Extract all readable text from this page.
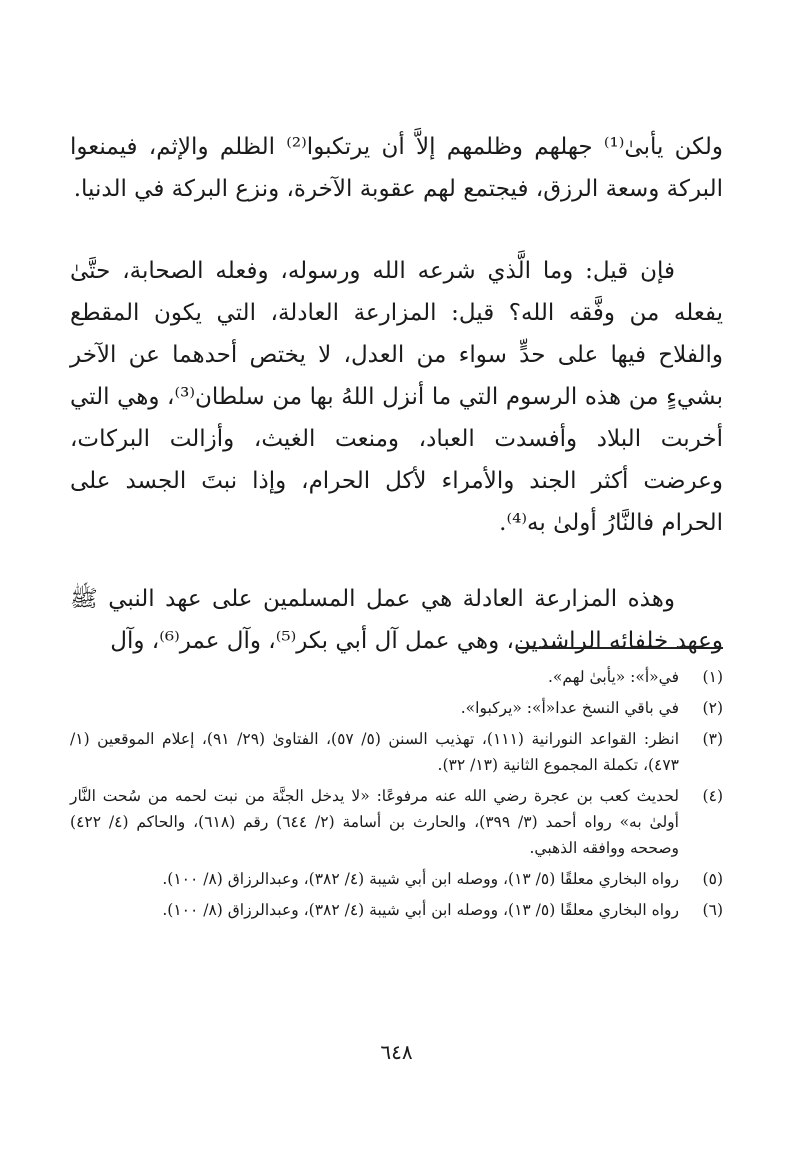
ولكن يأبىٰ⁽¹⁾ جهلهم وظلمهم إلاَّ أن يرتكبوا⁽²⁾ الظلم والإثم، فيمنعوا البركة وسعة الرزق، فيجتمع لهم عقوبة الآخرة، ونزع البركة في الدنيا.

فإن قيل: وما الَّذي شرعه الله ورسوله، وفعله الصحابة، حتَّىٰ يفعله من وفَّقه الله؟ قيل: المزارعة العادلة، التي يكون المقطع والفلاح فيها على حدٍّ سواء من العدل، لا يختص أحدهما عن الآخر بشيءٍ من هذه الرسوم التي ما أنزل اللهُ بها من سلطان⁽³⁾، وهي التي أخربت البلاد وأفسدت العباد، ومنعت الغيث، وأزالت البركات، وعرضت أكثر الجند والأمراء لأكل الحرام، وإذا نبتَ الجسد على الحرام فالنَّارُ أولىٰ به⁽⁴⁾.

وهذه المزارعة العادلة هي عمل المسلمين على عهد النبي ﷺ وعهد خلفائه الراشدين، وهي عمل آل أبي بكر⁽⁵⁾، وآل عمر⁽⁶⁾، وآل

(١)
في«أ»: «يأبىٰ لهم».
(٢)
في باقي النسخ عدا«أ»: «يركبوا».
(٣)
انظر: القواعد النورانية (١١١)، تهذيب السنن (٥/ ٥٧)، الفتاوىٰ (٢٩/ ٩١)، إعلام الموقعين (١/ ٤٧٣)، تكملة المجموع الثانية (١٣/ ٣٢).
(٤)
لحديث كعب بن عجرة رضي الله عنه مرفوعًا: «لا يدخل الجنَّة من نبت لحمه من سُحت النَّار أولىٰ به» رواه أحمد (٣/ ٣٩٩)، والحارث بن أسامة (٢/ ٦٤٤) رقم (٦١٨)، والحاكم (٤/ ٤٢٢) وصححه ووافقه الذهبي.
(٥)
رواه البخاري معلقًا (٥/ ١٣)، ووصله ابن أبي شيبة (٤/ ٣٨٢)، وعبدالرزاق (٨/ ١٠٠).
(٦)
رواه البخاري معلقًا (٥/ ١٣)، ووصله ابن أبي شيبة (٤/ ٣٨٢)، وعبدالرزاق (٨/ ١٠٠).
٦٤٨
